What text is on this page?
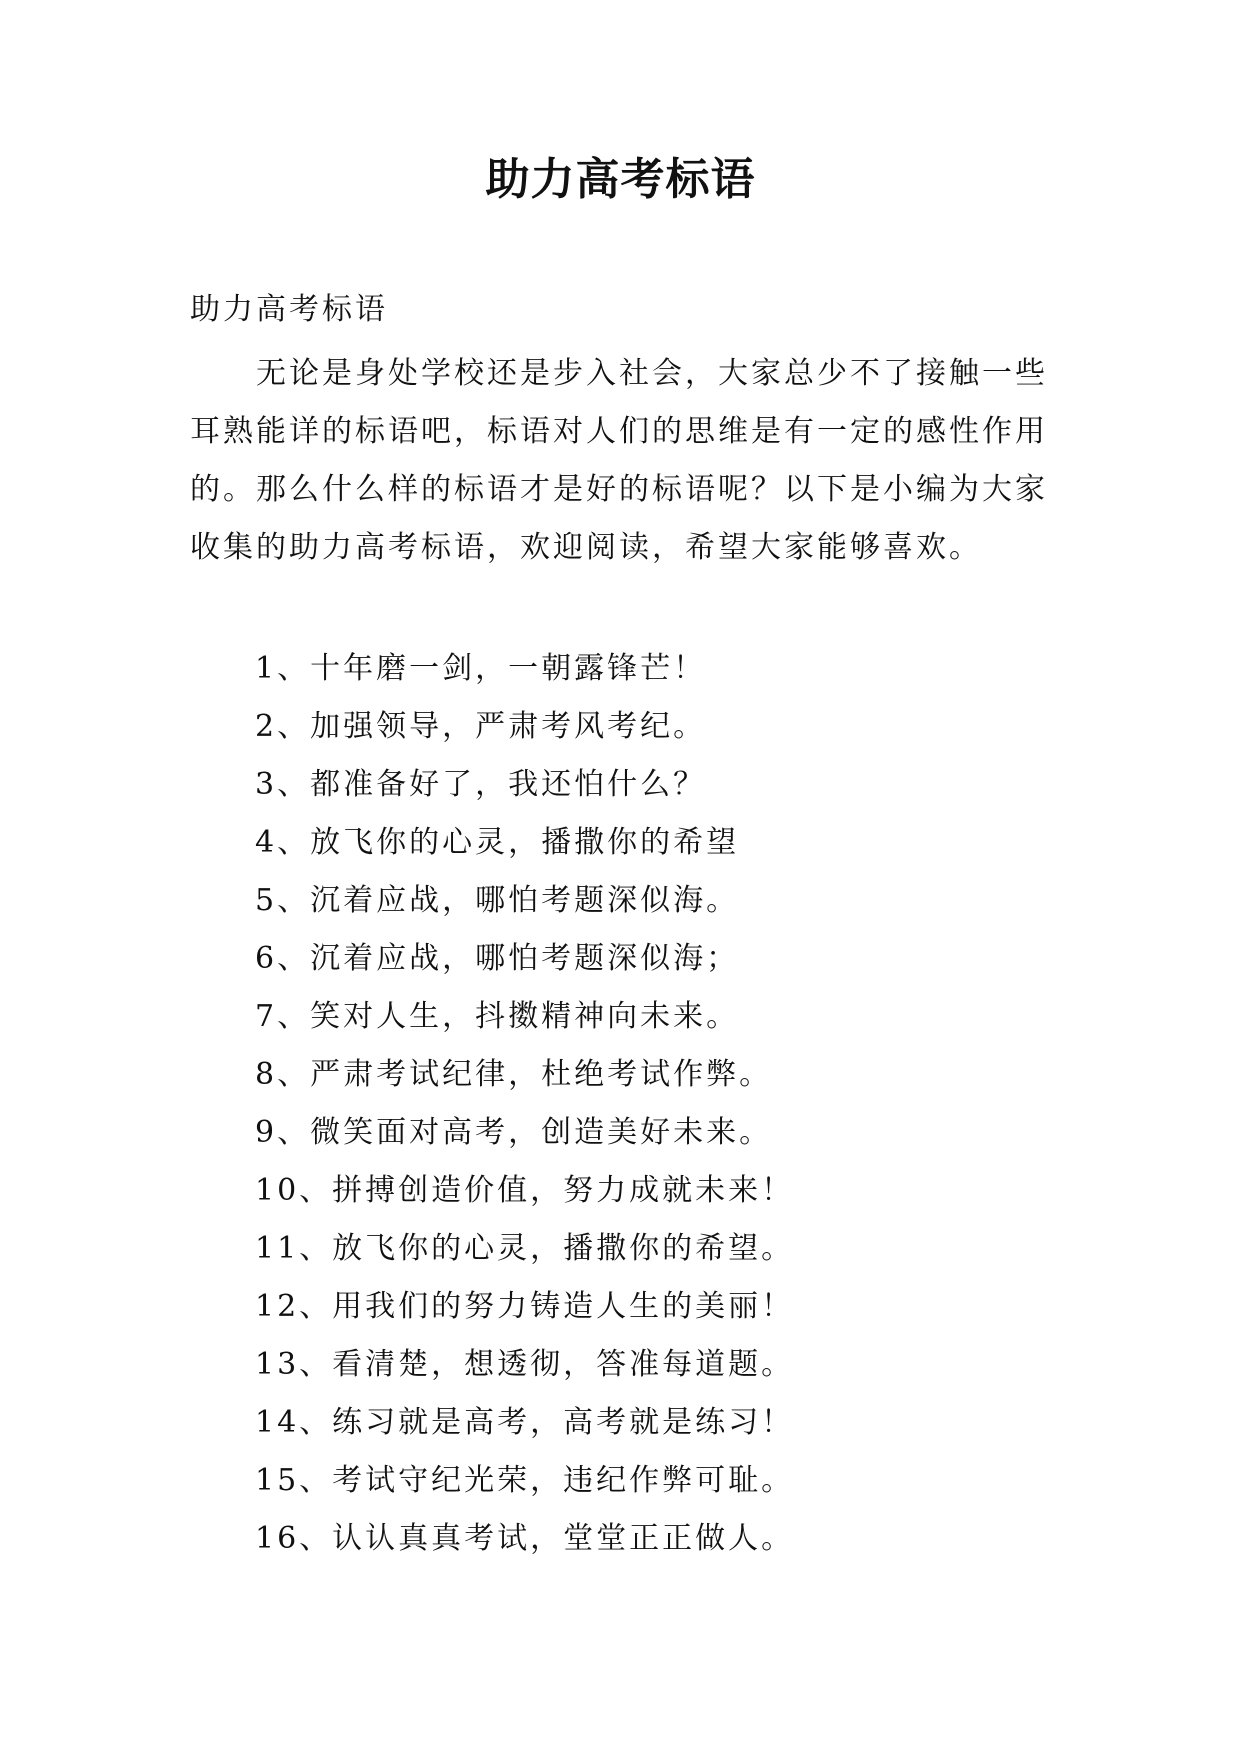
助力高考标语

助力高考标语

无论是身处学校还是步入社会，大家总少不了接触一些耳熟能详的标语吧，标语对人们的思维是有一定的感性作用的。那么什么样的标语才是好的标语呢？以下是小编为大家收集的助力高考标语，欢迎阅读，希望大家能够喜欢。

1、十年磨一剑，一朝露锋芒！
2、加强领导，严肃考风考纪。
3、都准备好了，我还怕什么？
4、放飞你的心灵，播撒你的希望
5、沉着应战，哪怕考题深似海。
6、沉着应战，哪怕考题深似海；
7、笑对人生，抖擞精神向未来。
8、严肃考试纪律，杜绝考试作弊。
9、微笑面对高考，创造美好未来。
10、拼搏创造价值，努力成就未来！
11、放飞你的心灵，播撒你的希望。
12、用我们的努力铸造人生的美丽！
13、看清楚，想透彻，答准每道题。
14、练习就是高考，高考就是练习！
15、考试守纪光荣，违纪作弊可耻。
16、认认真真考试，堂堂正正做人。
